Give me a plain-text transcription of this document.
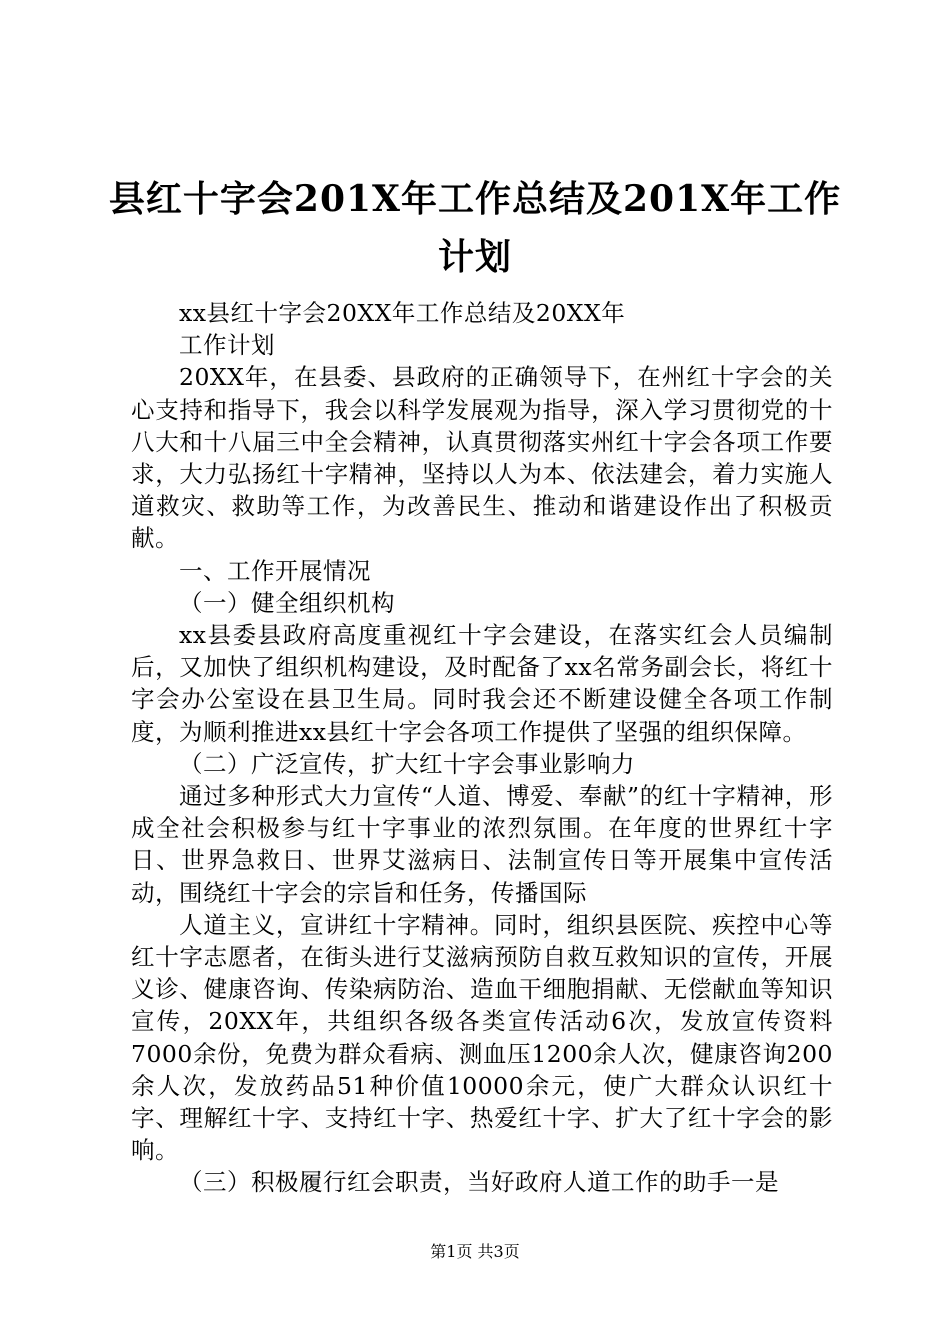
县红十字会201X年工作总结及201X年工作计划

xx县红十字会20XX年工作总结及20XX年

工作计划

20XX年，在县委、县政府的正确领导下，在州红十字会的关心支持和指导下，我会以科学发展观为指导，深入学习贯彻党的十八大和十八届三中全会精神，认真贯彻落实州红十字会各项工作要求，大力弘扬红十字精神，坚持以人为本、依法建会，着力实施人道救灾、救助等工作，为改善民生、推动和谐建设作出了积极贡献。

一、工作开展情况

（一）健全组织机构

xx县委县政府高度重视红十字会建设，在落实红会人员编制后，又加快了组织机构建设，及时配备了xx名常务副会长，将红十字会办公室设在县卫生局。同时我会还不断建设健全各项工作制度，为顺利推进xx县红十字会各项工作提供了坚强的组织保障。

（二）广泛宣传，扩大红十字会事业影响力

通过多种形式大力宣传“人道、博爱、奉献”的红十字精神，形成全社会积极参与红十字事业的浓烈氛围。在年度的世界红十字日、世界急救日、世界艾滋病日、法制宣传日等开展集中宣传活动，围绕红十字会的宗旨和任务，传播国际

人道主义，宣讲红十字精神。同时，组织县医院、疾控中心等红十字志愿者，在街头进行艾滋病预防自救互救知识的宣传，开展义诊、健康咨询、传染病防治、造血干细胞捐献、无偿献血等知识宣传，20XX年，共组织各级各类宣传活动6次，发放宣传资料7000余份，免费为群众看病、测血压1200余人次，健康咨询200余人次，发放药品51种价值10000余元，使广大群众认识红十字、理解红十字、支持红十字、热爱红十字、扩大了红十字会的影响。

（三）积极履行红会职责，当好政府人道工作的助手一是

第1页 共3页
